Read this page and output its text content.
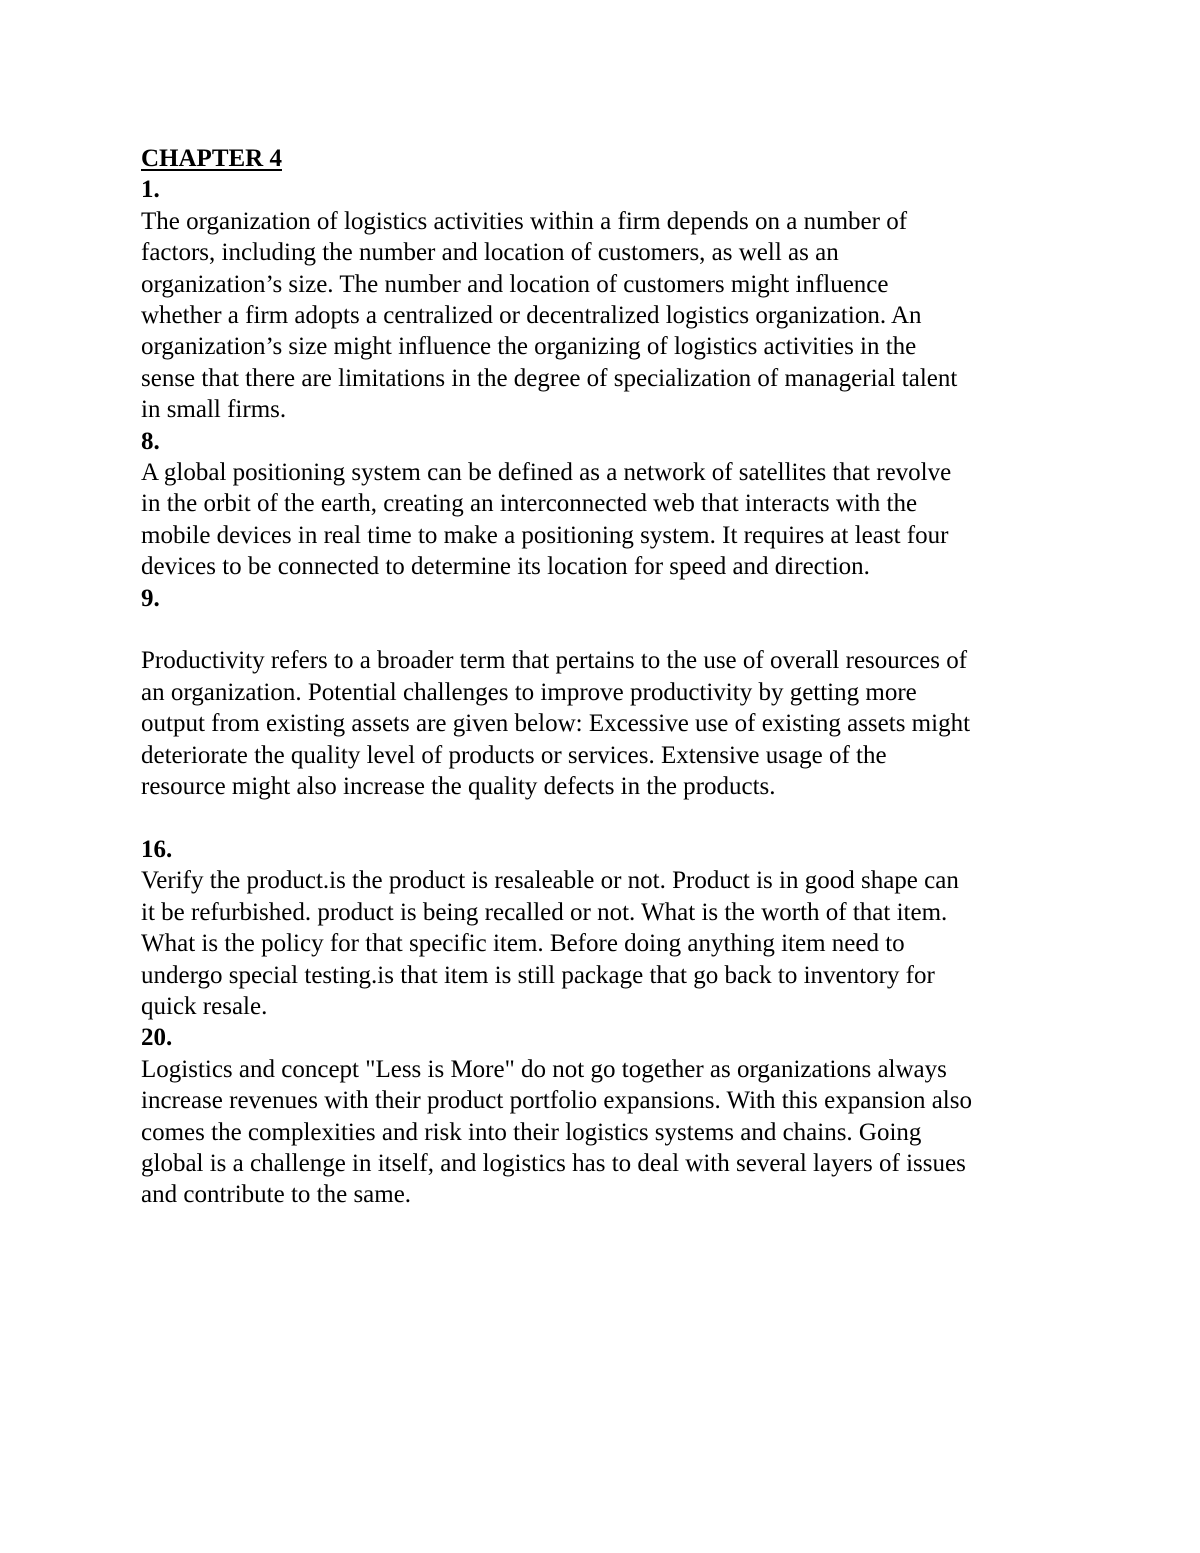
CHAPTER 4
1.
The organization of logistics activities within a firm depends on a number of
factors, including the number and location of customers, as well as an
organization’s size. The number and location of customers might influence
whether a firm adopts a centralized or decentralized logistics organization. An
organization’s size might influence the organizing of logistics activities in the
sense that there are limitations in the degree of specialization of managerial talent
in small firms.
8.
A global positioning system can be defined as a network of satellites that revolve
in the orbit of the earth, creating an interconnected web that interacts with the
mobile devices in real time to make a positioning system. It requires at least four
devices to be connected to determine its location for speed and direction.
9.
Productivity refers to a broader term that pertains to the use of overall resources of
an organization. Potential challenges to improve productivity by getting more
output from existing assets are given below: Excessive use of existing assets might
deteriorate the quality level of products or services. Extensive usage of the
resource might also increase the quality defects in the products.
16.
Verify the product.is the product is resaleable or not. Product is in good shape can
it be refurbished. product is being recalled or not. What is the worth of that item.
What is the policy for that specific item. Before doing anything item need to
undergo special testing.is that item is still package that go back to inventory for
quick resale.
20.
Logistics and concept "Less is More" do not go together as organizations always
increase revenues with their product portfolio expansions. With this expansion also
comes the complexities and risk into their logistics systems and chains. Going
global is a challenge in itself, and logistics has to deal with several layers of issues
and contribute to the same.
